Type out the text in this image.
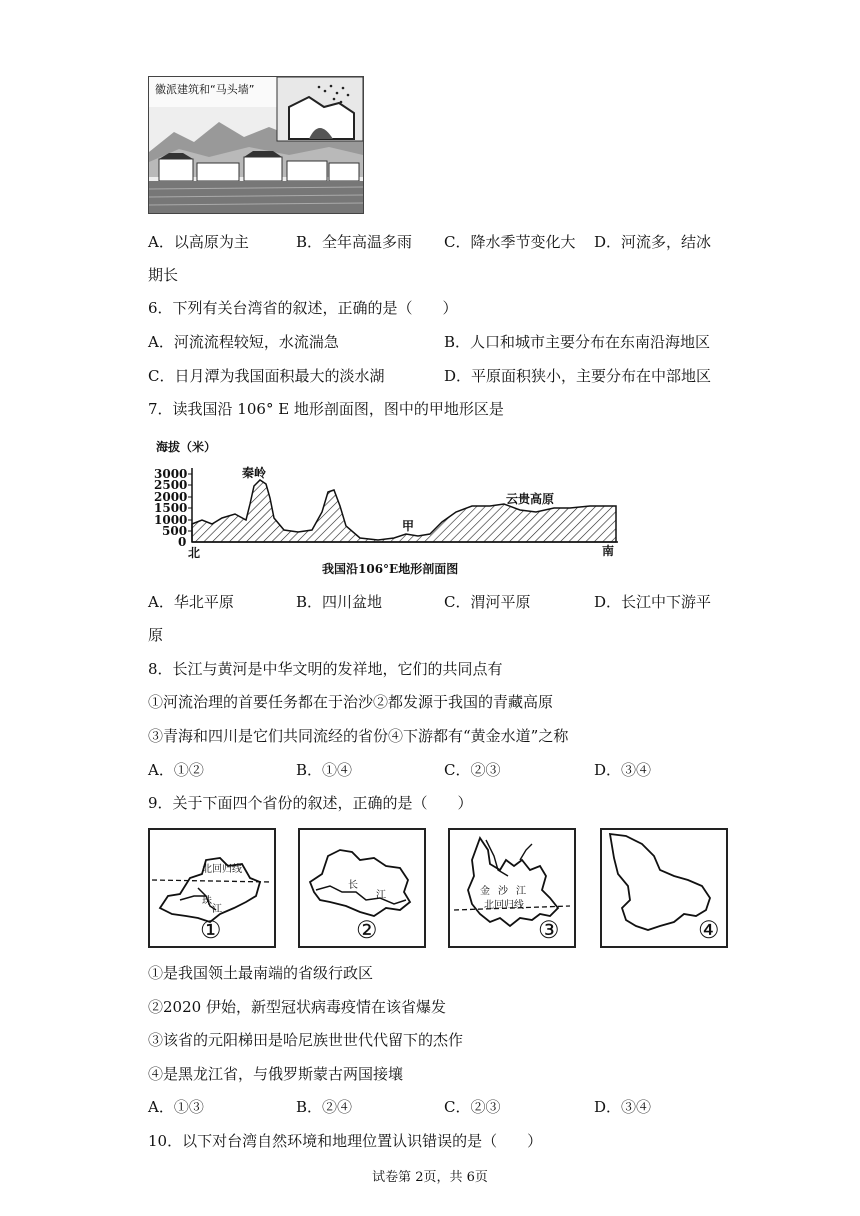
徽派建筑和“马头墙”
A．以高原为主	B．全年高温多雨 C．降水季节变化大 D．河流多，结冰
期长
6．下列有关台湾省的叙述，正确的是（　　）
A．河流流程较短，水流湍急	B．人口和城市主要分布在东南沿海地区
C．日月潭为我国面积最大的淡水湖	D．平原面积狭小，主要分布在中部地区
7．读我国沿 106° E 地形剖面图，图中的甲地形区是
海拔（米）
3000
2500
2000
1500
1000
500
0
秦岭
云贵高原
甲
北	南
我国沿106°E地形剖面图
A．华北平原	B．四川盆地	C．渭河平原	D．长江中下游平
原
8．长江与黄河是中华文明的发祥地，它们的共同点有
①河流治理的首要任务都在于治沙②都发源于我国的青藏高原
③青海和四川是它们共同流经的省份④下游都有“黄金水道”之称
A．①②	B．①④	C．②③	D．③④
9．关于下面四个省份的叙述，正确的是（　　）
北回归线
珠
江
①
长
江
②
金 沙 江
北回归线
③	④
①是我国领土最南端的省级行政区
②2020 伊始，新型冠状病毒疫情在该省爆发
③该省的元阳梯田是哈尼族世世代代留下的杰作
④是黑龙江省，与俄罗斯蒙古两国接壤
A．①③	B．②④	C．②③	D．③④
10．以下对台湾自然环境和地理位置认识错误的是（　　）
试卷第 2页，共 6页
